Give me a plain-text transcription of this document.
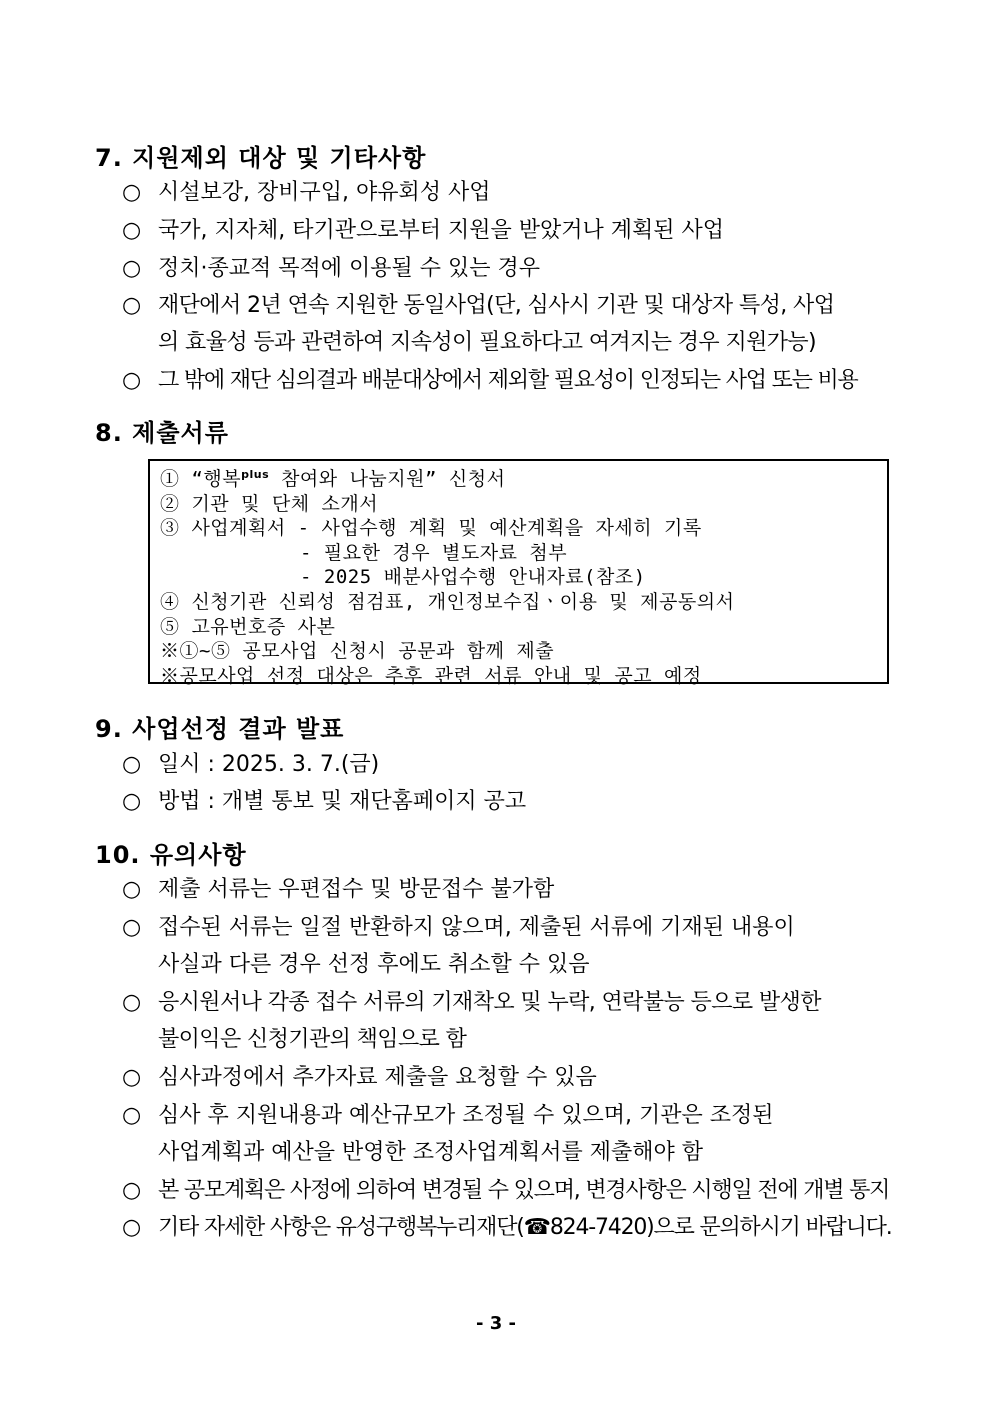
7. 지원제외 대상 및 기타사항
○ 시설보강, 장비구입, 야유회성 사업
○ 국가, 지자체, 타기관으로부터 지원을 받았거나 계획된 사업
○ 정치·종교적 목적에 이용될 수 있는 경우
○ 재단에서 2년 연속 지원한 동일사업(단, 심사시 기관 및 대상자 특성, 사업
의 효율성 등과 관련하여 지속성이 필요하다고 여겨지는 경우 지원가능)
○ 그 밖에 재단 심의결과 배분대상에서 제외할 필요성이 인정되는 사업 또는 비용
8. 제출서류
① “행복$^{plus}$ 참여와 나눔지원” 신청서
② 기관 및 단체 소개서
③ 사업계획서 - 사업수행 계획 및 예산계획을 자세히 기록
- 필요한 경우 별도자료 첨부
- 2025 배분사업수행 안내자료(참조)
④ 신청기관 신뢰성 점검표, 개인정보수집ㆍ이용 및 제공동의서
⑤ 고유번호증 사본
※①~⑤ 공모사업 신청시 공문과 함께 제출
※공모사업 선정 대상은 추후 관련 서류 안내 및 공고 예정
9. 사업선정 결과 발표
○ 일시 : 2025. 3. 7.(금)
○ 방법 : 개별 통보 및 재단홈페이지 공고
10. 유의사항
○ 제출 서류는 우편접수 및 방문접수 불가함
○ 접수된 서류는 일절 반환하지 않으며, 제출된 서류에 기재된 내용이
사실과 다른 경우 선정 후에도 취소할 수 있음
○ 응시원서나 각종 접수 서류의 기재착오 및 누락, 연락불능 등으로 발생한
불이익은 신청기관의 책임으로 함
○ 심사과정에서 추가자료 제출을 요청할 수 있음
○ 심사 후 지원내용과 예산규모가 조정될 수 있으며, 기관은 조정된
사업계획과 예산을 반영한 조정사업계획서를 제출해야 함
○ 본 공모계획은 사정에 의하여 변경될 수 있으며, 변경사항은 시행일 전에 개별 통지
○ 기타 자세한 사항은 유성구행복누리재단(☎824-7420)으로 문의하시기 바랍니다.
- 3 -
